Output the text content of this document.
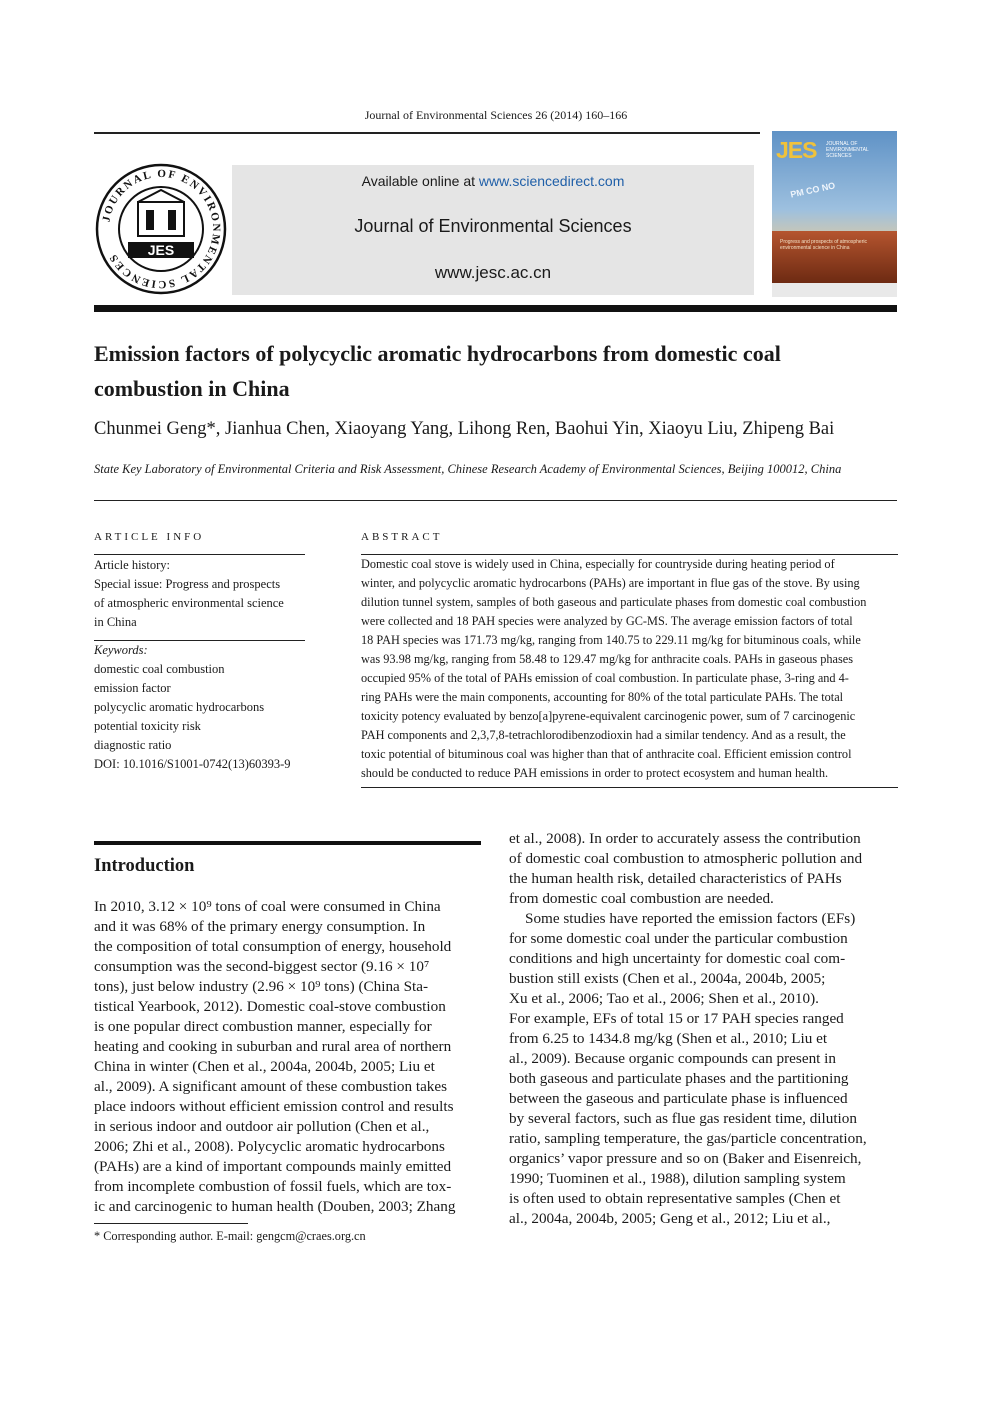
Journal of Environmental Sciences 26 (2014) 160–166
JOURNAL OF ENVIRONMENTAL SCIENCES	JES
Available online at www.sciencedirect.com
Journal of Environmental Sciences
www.jesc.ac.cn
JES JOURNAL OF ENVIRONMENTAL SCIENCES
PM CO NO
Progress and prospects of atmospheric environmental science in China
Emission factors of polycyclic aromatic hydrocarbons from domestic coal
combustion in China
Chunmei Geng*, Jianhua Chen, Xiaoyang Yang, Lihong Ren, Baohui Yin, Xiaoyu Liu, Zhipeng Bai
State Key Laboratory of Environmental Criteria and Risk Assessment, Chinese Research Academy of Environmental Sciences, Beijing 100012, China
ARTICLE INFO
Article history:
Special issue: Progress and prospects
of atmospheric environmental science
in China
Keywords:
domestic coal combustion
emission factor
polycyclic aromatic hydrocarbons
potential toxicity risk
diagnostic ratio
DOI: 10.1016/S1001-0742(13)60393-9
ABSTRACT
Domestic coal stove is widely used in China, especially for countryside during heating period of
winter, and polycyclic aromatic hydrocarbons (PAHs) are important in flue gas of the stove. By using
dilution tunnel system, samples of both gaseous and particulate phases from domestic coal combustion
were collected and 18 PAH species were analyzed by GC-MS. The average emission factors of total
18 PAH species was 171.73 mg/kg, ranging from 140.75 to 229.11 mg/kg for bituminous coals, while
was 93.98 mg/kg, ranging from 58.48 to 129.47 mg/kg for anthracite coals. PAHs in gaseous phases
occupied 95% of the total of PAHs emission of coal combustion. In particulate phase, 3-ring and 4-
ring PAHs were the main components, accounting for 80% of the total particulate PAHs. The total
toxicity potency evaluated by benzo[a]pyrene-equivalent carcinogenic power, sum of 7 carcinogenic
PAH components and 2,3,7,8-tetrachlorodibenzodioxin had a similar tendency. And as a result, the
toxic potential of bituminous coal was higher than that of anthracite coal. Efficient emission control
should be conducted to reduce PAH emissions in order to protect ecosystem and human health.
Introduction
In 2010, 3.12 × 10⁹ tons of coal were consumed in China
and it was 68% of the primary energy consumption. In
the composition of total consumption of energy, household
consumption was the second-biggest sector (9.16 × 10⁷
tons), just below industry (2.96 × 10⁹ tons) (China Sta-
tistical Yearbook, 2012). Domestic coal-stove combustion
is one popular direct combustion manner, especially for
heating and cooking in suburban and rural area of northern
China in winter (Chen et al., 2004a, 2004b, 2005; Liu et
al., 2009). A significant amount of these combustion takes
place indoors without efficient emission control and results
in serious indoor and outdoor air pollution (Chen et al.,
2006; Zhi et al., 2008). Polycyclic aromatic hydrocarbons
(PAHs) are a kind of important compounds mainly emitted
from incomplete combustion of fossil fuels, which are tox-
ic and carcinogenic to human health (Douben, 2003; Zhang
et al., 2008). In order to accurately assess the contribution
of domestic coal combustion to atmospheric pollution and
the human health risk, detailed characteristics of PAHs
from domestic coal combustion are needed.
Some studies have reported the emission factors (EFs)
for some domestic coal under the particular combustion
conditions and high uncertainty for domestic coal com-
bustion still exists (Chen et al., 2004a, 2004b, 2005;
Xu et al., 2006; Tao et al., 2006; Shen et al., 2010).
For example, EFs of total 15 or 17 PAH species ranged
from 6.25 to 1434.8 mg/kg (Shen et al., 2010; Liu et
al., 2009). Because organic compounds can present in
both gaseous and particulate phases and the partitioning
between the gaseous and particulate phase is influenced
by several factors, such as flue gas resident time, dilution
ratio, sampling temperature, the gas/particle concentration,
organics’ vapor pressure and so on (Baker and Eisenreich,
1990; Tuominen et al., 1988), dilution sampling system
is often used to obtain representative samples (Chen et
al., 2004a, 2004b, 2005; Geng et al., 2012; Liu et al.,
* Corresponding author. E-mail: gengcm@craes.org.cn
